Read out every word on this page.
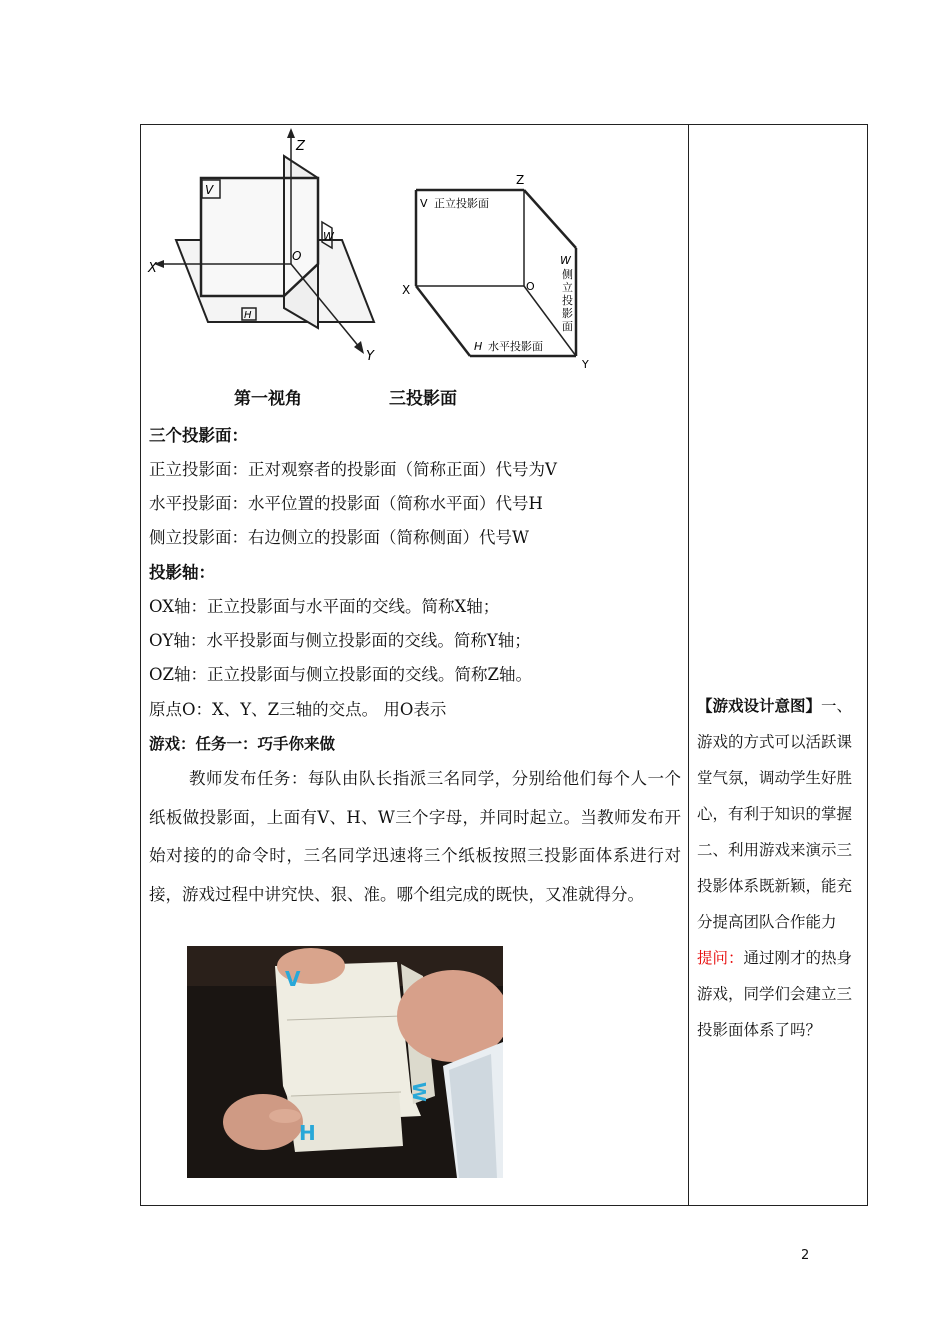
Z
X
Y
O
V
W
H
Z
X
Y
O
V 正立投影面
W
侧立投影面
H 水平投影面
第一视角	三投影面
三个投影面：
正立投影面：正对观察者的投影面（简称正面）代号为V
水平投影面：水平位置的投影面（简称水平面）代号H
侧立投影面：右边侧立的投影面（简称侧面）代号W
投影轴：
OX轴：正立投影面与水平面的交线。简称X轴；
OY轴：水平投影面与侧立投影面的交线。简称Y轴；
OZ轴：正立投影面与侧立投影面的交线。简称Z轴。
原点O：X、Y、Z三轴的交点。 用O表示
游戏：任务一：巧手你来做
教师发布任务：每队由队长指派三名同学，分别给他们每个人一个纸板做投影面，上面有V、H、W三个字母，并同时起立。当教师发布开始对接的的命令时，三名同学迅速将三个纸板按照三投影面体系进行对接，游戏过程中讲究快、狠、准。哪个组完成的既快，又准就得分。
V
H
W
【游戏设计意图】一、游戏的方式可以活跃课堂气氛，调动学生好胜心，有利于知识的掌握
二、利用游戏来演示三投影体系既新颖，能充分提高团队合作能力
提问：通过刚才的热身游戏，同学们会建立三投影面体系了吗？
2
